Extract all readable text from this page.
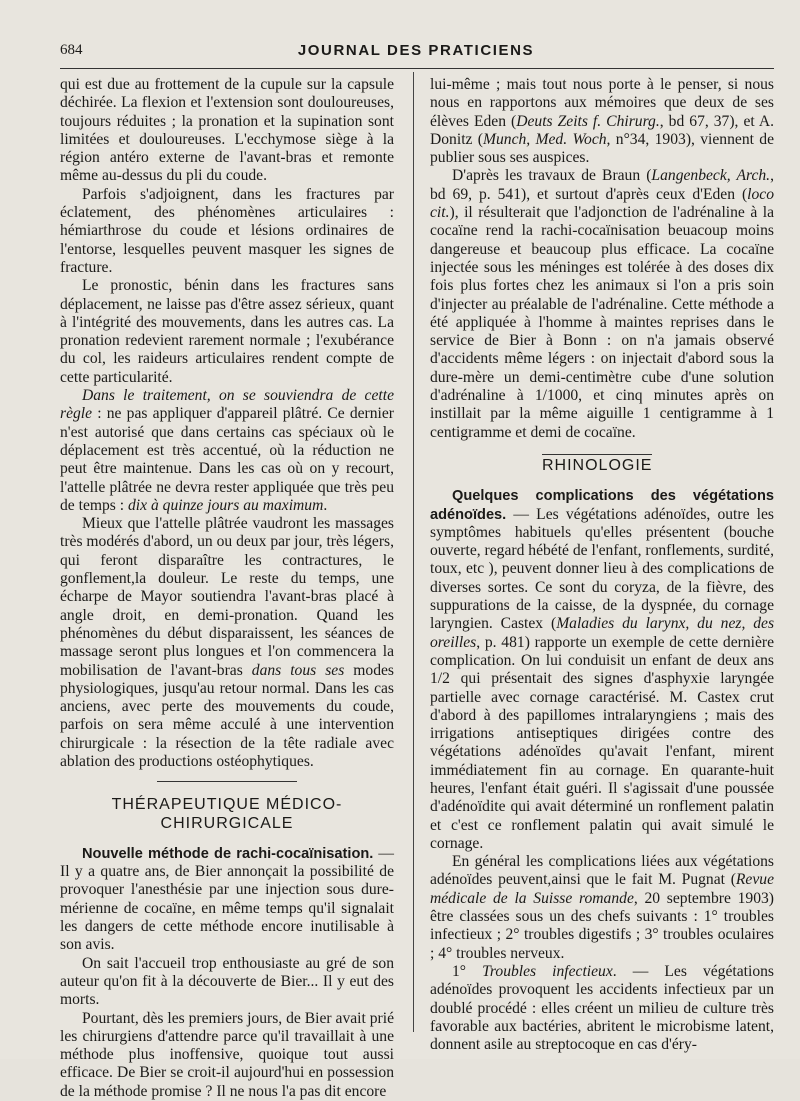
684	JOURNAL DES PRATICIENS

qui est due au frottement de la cupule sur la capsule déchirée. La flexion et l'extension sont douloureuses, toujours réduites ; la pronation et la supination sont limitées et douloureuses. L'ecchymose siège à la région antéro externe de l'avant-bras et remonte même au-dessus du pli du coude.

Parfois s'adjoignent, dans les fractures par éclatement, des phénomènes articulaires : hémiarthrose du coude et lésions ordinaires de l'entorse, lesquelles peuvent masquer les signes de fracture.

Le pronostic, bénin dans les fractures sans déplacement, ne laisse pas d'être assez sérieux, quant à l'intégrité des mouvements, dans les autres cas. La pronation redevient rarement normale ; l'exubérance du col, les raideurs articulaires rendent compte de cette particularité.

Dans le traitement, on se souviendra de cette règle : ne pas appliquer d'appareil plâtré. Ce dernier n'est autorisé que dans certains cas spéciaux où le déplacement est très accentué, où la réduction ne peut être maintenue. Dans les cas où on y recourt, l'attelle plâtrée ne devra rester appliquée que très peu de temps : dix à quinze jours au maximum.

Mieux que l'attelle plâtrée vaudront les massages très modérés d'abord, un ou deux par jour, très légers, qui feront disparaître les contractures, le gonflement,la douleur. Le reste du temps, une écharpe de Mayor soutiendra l'avant-bras placé à angle droit, en demi-pronation. Quand les phénomènes du début disparaissent, les séances de massage seront plus longues et l'on commencera la mobilisation de l'avant-bras dans tous ses modes physiologiques, jusqu'au retour normal. Dans les cas anciens, avec perte des mouvements du coude, parfois on sera même acculé à une intervention chirurgicale : la résection de la tête radiale avec ablation des productions ostéophytiques.

THÉRAPEUTIQUE MÉDICO-CHIRURGICALE

Nouvelle méthode de rachi-cocaïnisation. — Il y a quatre ans, de Bier annonçait la possibilité de provoquer l'anesthésie par une injection sous dure-mérienne de cocaïne, en même temps qu'il signalait les dangers de cette méthode encore inutilisable à son avis.

On sait l'accueil trop enthousiaste au gré de son auteur qu'on fit à la découverte de Bier... Il y eut des morts.

Pourtant, dès les premiers jours, de Bier avait prié les chirurgiens d'attendre parce qu'il travaillait à une méthode plus inoffensive, quoique tout aussi efficace. De Bier se croit-il aujourd'hui en possession de la méthode promise ? Il ne nous l'a pas dit encore

lui-même ; mais tout nous porte à le penser, si nous nous en rapportons aux mémoires que deux de ses élèves Eden (Deuts Zeits f. Chirurg., bd 67, 37), et A. Donitz (Munch, Med. Woch, n°34, 1903), viennent de publier sous ses auspices.

D'après les travaux de Braun (Langenbeck, Arch., bd 69, p. 541), et surtout d'après ceux d'Eden (loco cit.), il résulterait que l'adjonction de l'adrénaline à la cocaïne rend la rachi-cocaïnisation beuacoup moins dangereuse et beaucoup plus efficace. La cocaïne injectée sous les méninges est tolérée à des doses dix fois plus fortes chez les animaux si l'on a pris soin d'injecter au préalable de l'adrénaline. Cette méthode a été appliquée à l'homme à maintes reprises dans le service de Bier à Bonn : on n'a jamais observé d'accidents même légers : on injectait d'abord sous la dure-mère un demi-centimètre cube d'une solution d'adrénaline à 1/1000, et cinq minutes après on instillait par la même aiguille 1 centigramme à 1 centigramme et demi de cocaïne.

RHINOLOGIE

Quelques complications des végétations adénoïdes. — Les végétations adénoïdes, outre les symptômes habituels qu'elles présentent (bouche ouverte, regard hébété de l'enfant, ronflements, surdité, toux, etc ), peuvent donner lieu à des complications de diverses sortes. Ce sont du coryza, de la fièvre, des suppurations de la caisse, de la dyspnée, du cornage laryngien. Castex (Maladies du larynx, du nez, des oreilles, p. 481) rapporte un exemple de cette dernière complication. On lui conduisit un enfant de deux ans 1/2 qui présentait des signes d'asphyxie laryngée partielle avec cornage caractérisé. M. Castex crut d'abord à des papillomes intralaryngiens ; mais des irrigations antiseptiques dirigées contre des végétations adénoïdes qu'avait l'enfant, mirent immédiatement fin au cornage. En quarante-huit heures, l'enfant était guéri. Il s'agissait d'une poussée d'adénoïdite qui avait déterminé un ronflement palatin et c'est ce ronflement palatin qui avait simulé le cornage.

En général les complications liées aux végétations adénoïdes peuvent,ainsi que le fait M. Pugnat (Revue médicale de la Suisse romande, 20 septembre 1903) être classées sous un des chefs suivants : 1° troubles infectieux ; 2° troubles digestifs ; 3° troubles oculaires ; 4° troubles nerveux.

1° Troubles infectieux. — Les végétations adénoïdes provoquent les accidents infectieux par un doublé procédé : elles créent un milieu de culture très favorable aux bactéries, abritent le microbisme latent, donnent asile au streptocoque en cas d'éry-
